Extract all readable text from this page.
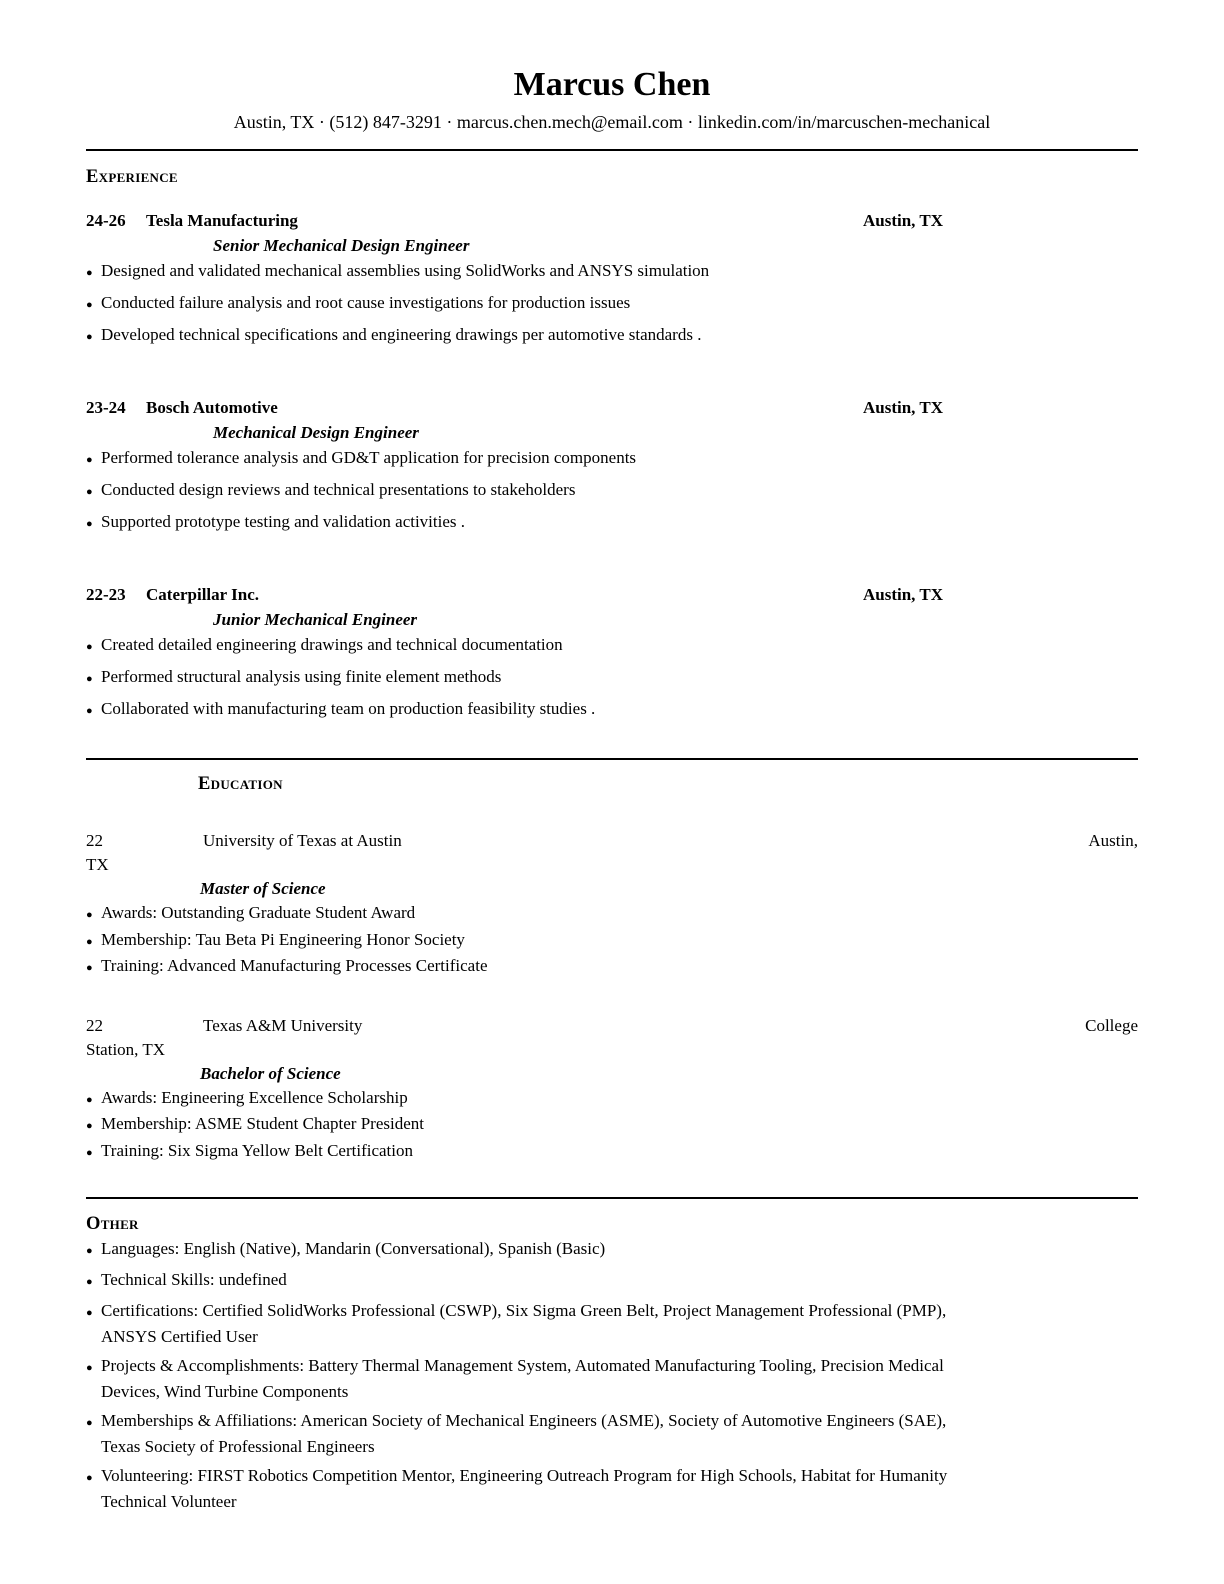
Marcus Chen
Austin, TX · (512) 847-3291 · marcus.chen.mech@email.com · linkedin.com/in/marcuschen-mechanical
Experience
24-26	Tesla Manufacturing	Austin, TX
Senior Mechanical Design Engineer
● Designed and validated mechanical assemblies using SolidWorks and ANSYS simulation
● Conducted failure analysis and root cause investigations for production issues
● Developed technical specifications and engineering drawings per automotive standards .
23-24	Bosch Automotive	Austin, TX
Mechanical Design Engineer
● Performed tolerance analysis and GD&T application for precision components
● Conducted design reviews and technical presentations to stakeholders
● Supported prototype testing and validation activities .
22-23	Caterpillar Inc.	Austin, TX
Junior Mechanical Engineer
● Created detailed engineering drawings and technical documentation
● Performed structural analysis using finite element methods
● Collaborated with manufacturing team on production feasibility studies .
Education
22	University of Texas at Austin	Austin,
TX
Master of Science
● Awards: Outstanding Graduate Student Award
● Membership: Tau Beta Pi Engineering Honor Society
● Training: Advanced Manufacturing Processes Certificate
22	Texas A&M University	College
Station, TX
Bachelor of Science
● Awards: Engineering Excellence Scholarship
● Membership: ASME Student Chapter President
● Training: Six Sigma Yellow Belt Certification
Other
● Languages: English (Native), Mandarin (Conversational), Spanish (Basic)
● Technical Skills: undefined
● Certifications: Certified SolidWorks Professional (CSWP), Six Sigma Green Belt, Project Management Professional (PMP), ANSYS Certified User
● Projects & Accomplishments: Battery Thermal Management System, Automated Manufacturing Tooling, Precision Medical Devices, Wind Turbine Components
● Memberships & Affiliations: American Society of Mechanical Engineers (ASME), Society of Automotive Engineers (SAE), Texas Society of Professional Engineers
● Volunteering: FIRST Robotics Competition Mentor, Engineering Outreach Program for High Schools, Habitat for Humanity Technical Volunteer
